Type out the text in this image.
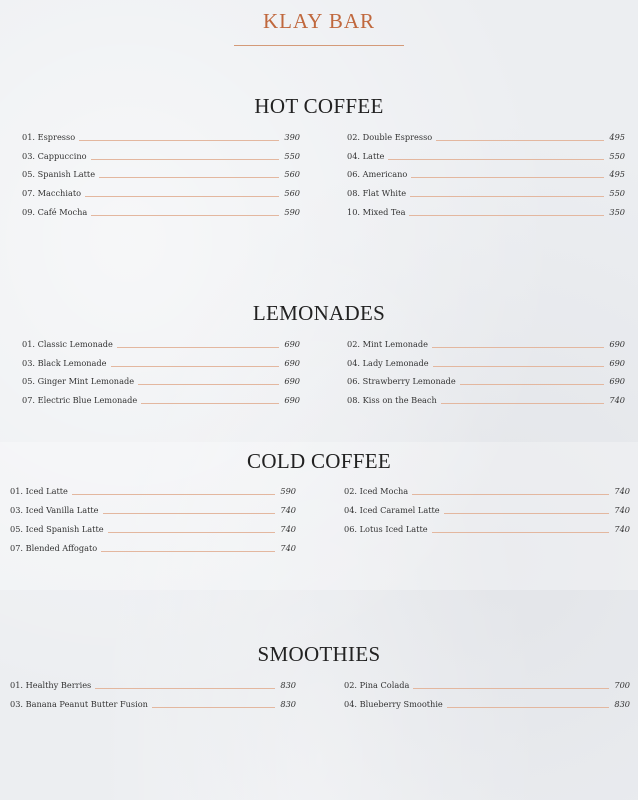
KLAY BAR
HOT COFFEE
01. Espresso	390
03. Cappuccino	550
05. Spanish Latte	560
07. Macchiato	560
09. Café Mocha	590
02. Double Espresso	495
04. Latte	550
06. Americano	495
08. Flat White	550
10. Mixed Tea	350
LEMONADES
01. Classic Lemonade	690
03. Black Lemonade	690
05. Ginger Mint Lemonade	690
07. Electric Blue Lemonade	690
02. Mint Lemonade	690
04. Lady Lemonade	690
06. Strawberry Lemonade	690
08. Kiss on the Beach	740
COLD COFFEE
01. Iced Latte	590
03. Iced Vanilla Latte	740
05. Iced Spanish Latte	740
07. Blended Affogato	740
02. Iced Mocha	740
04. Iced Caramel Latte	740
06. Lotus Iced Latte	740
SMOOTHIES
01. Healthy Berries	830
03. Banana Peanut Butter Fusion	830
02. Pina Colada	700
04. Blueberry Smoothie	830
